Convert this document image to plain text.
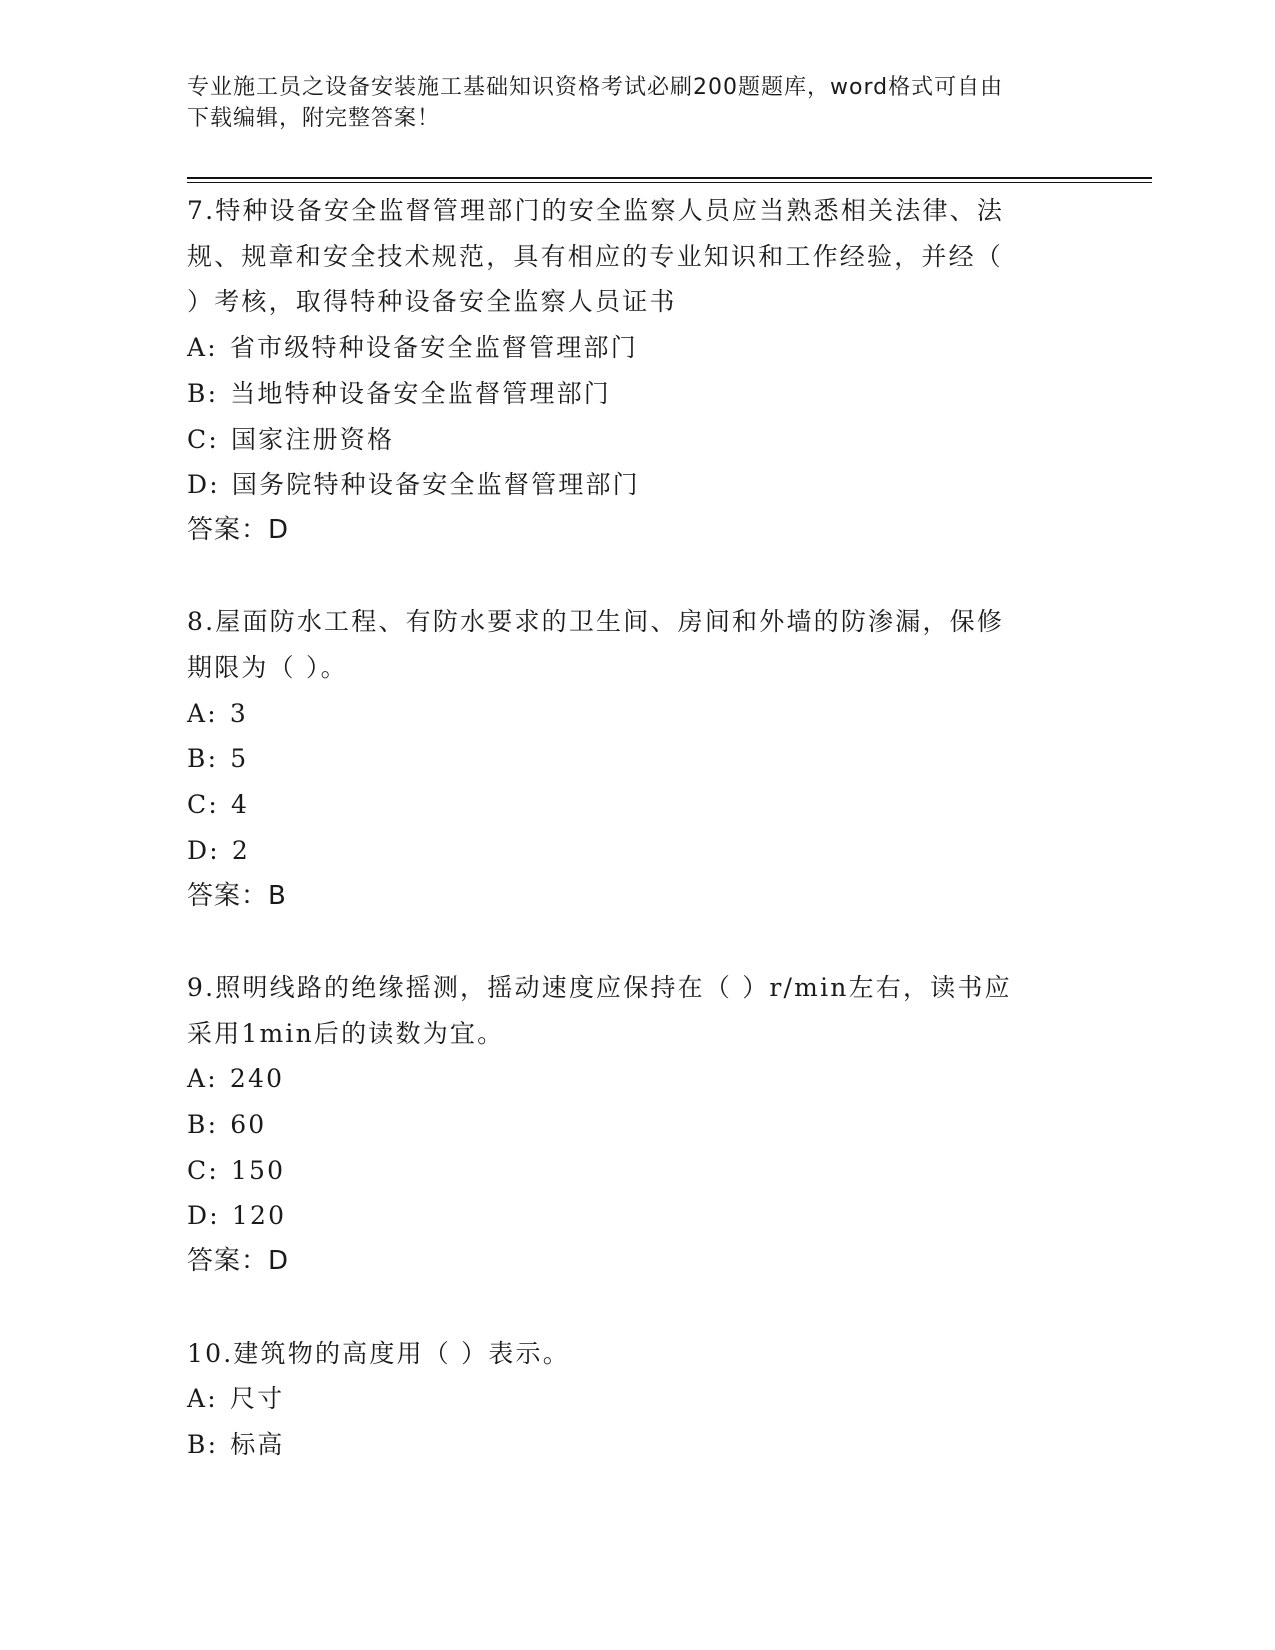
专业施工员之设备安装施工基础知识资格考试必刷200题题库，word格式可自由
下载编辑，附完整答案！
7.特种设备安全监督管理部门的安全监察人员应当熟悉相关法律、法
规、规章和安全技术规范，具有相应的专业知识和工作经验，并经（
）考核，取得特种设备安全监察人员证书
A: 省市级特种设备安全监督管理部门
B: 当地特种设备安全监督管理部门
C: 国家注册资格
D: 国务院特种设备安全监督管理部门
答案：D
8.屋面防水工程、有防水要求的卫生间、房间和外墙的防渗漏，保修
期限为（ ）。
A: 3
B: 5
C: 4
D: 2
答案：B
9.照明线路的绝缘摇测，摇动速度应保持在（ ）r/min左右，读书应
采用1min后的读数为宜。
A: 240
B: 60
C: 150
D: 120
答案：D
10.建筑物的高度用（ ）表示。
A: 尺寸
B: 标高
